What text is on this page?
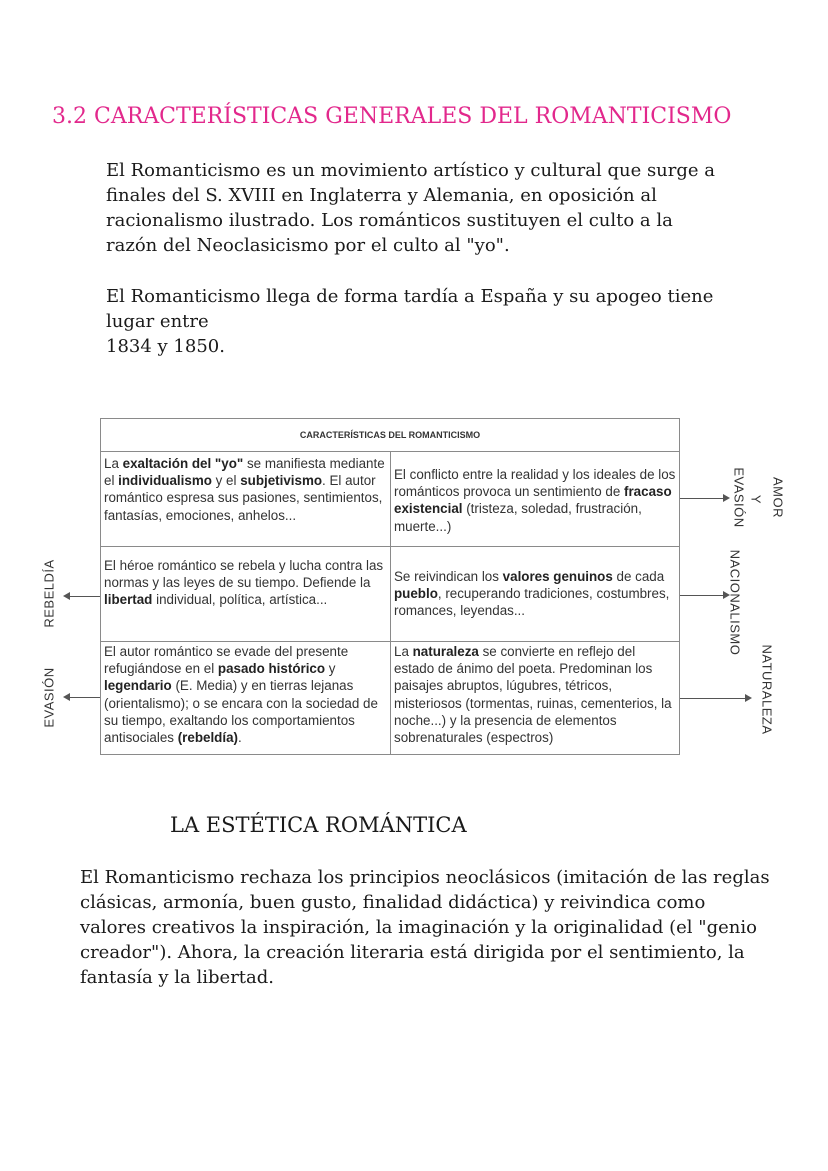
3.2 CARACTERÍSTICAS GENERALES DEL ROMANTICISMO

El Romanticismo es un movimiento artístico y cultural que surge a finales del S. XVIII en Inglaterra y Alemania, en oposición al racionalismo ilustrado. Los románticos sustituyen el culto a la razón del Neoclasicismo por el culto al "yo".

El Romanticismo llega de forma tardía a España y su apogeo tiene lugar entre
1834 y 1850.

CARACTERÍSTICAS DEL ROMANTICISMO
La exaltación del "yo" se manifiesta mediante el individualismo y el subjetivismo. El autor romántico espresa sus pasiones, sentimientos, fantasías, emociones, anhelos...
El conflicto entre la realidad y los ideales de los románticos provoca un sentimiento de fracaso existencial (tristeza, soledad, frustración, muerte...)
El héroe romántico se rebela y lucha contra las normas y las leyes de su tiempo. Defiende la libertad individual, política, artística...
Se reivindican los valores genuinos de cada pueblo, recuperando tradiciones, costumbres, romances, leyendas...
El autor romántico se evade del presente refugiándose en el pasado histórico y legendario (E. Media) y en tierras lejanas (orientalismo); o se encara con la sociedad de su tiempo, exaltando los comportamientos antisociales (rebeldía).
La naturaleza se convierte en reflejo del estado de ánimo del poeta. Predominan los paisajes abruptos, lúgubres, tétricos, misteriosos (tormentas, ruinas, cementerios, la noche...) y la presencia de elementos sobrenaturales (espectros)
AMOR
Y
EVASIÓN
NACIONALISMO
NATURALEZA
REBELDÍA
EVASIÓN
LA ESTÉTICA ROMÁNTICA

El Romanticismo rechaza los principios neoclásicos (imitación de las reglas clásicas, armonía, buen gusto, finalidad didáctica) y reivindica como valores creativos la inspiración, la imaginación y la originalidad (el "genio creador"). Ahora, la creación literaria está dirigida por el sentimiento, la fantasía y la libertad.
